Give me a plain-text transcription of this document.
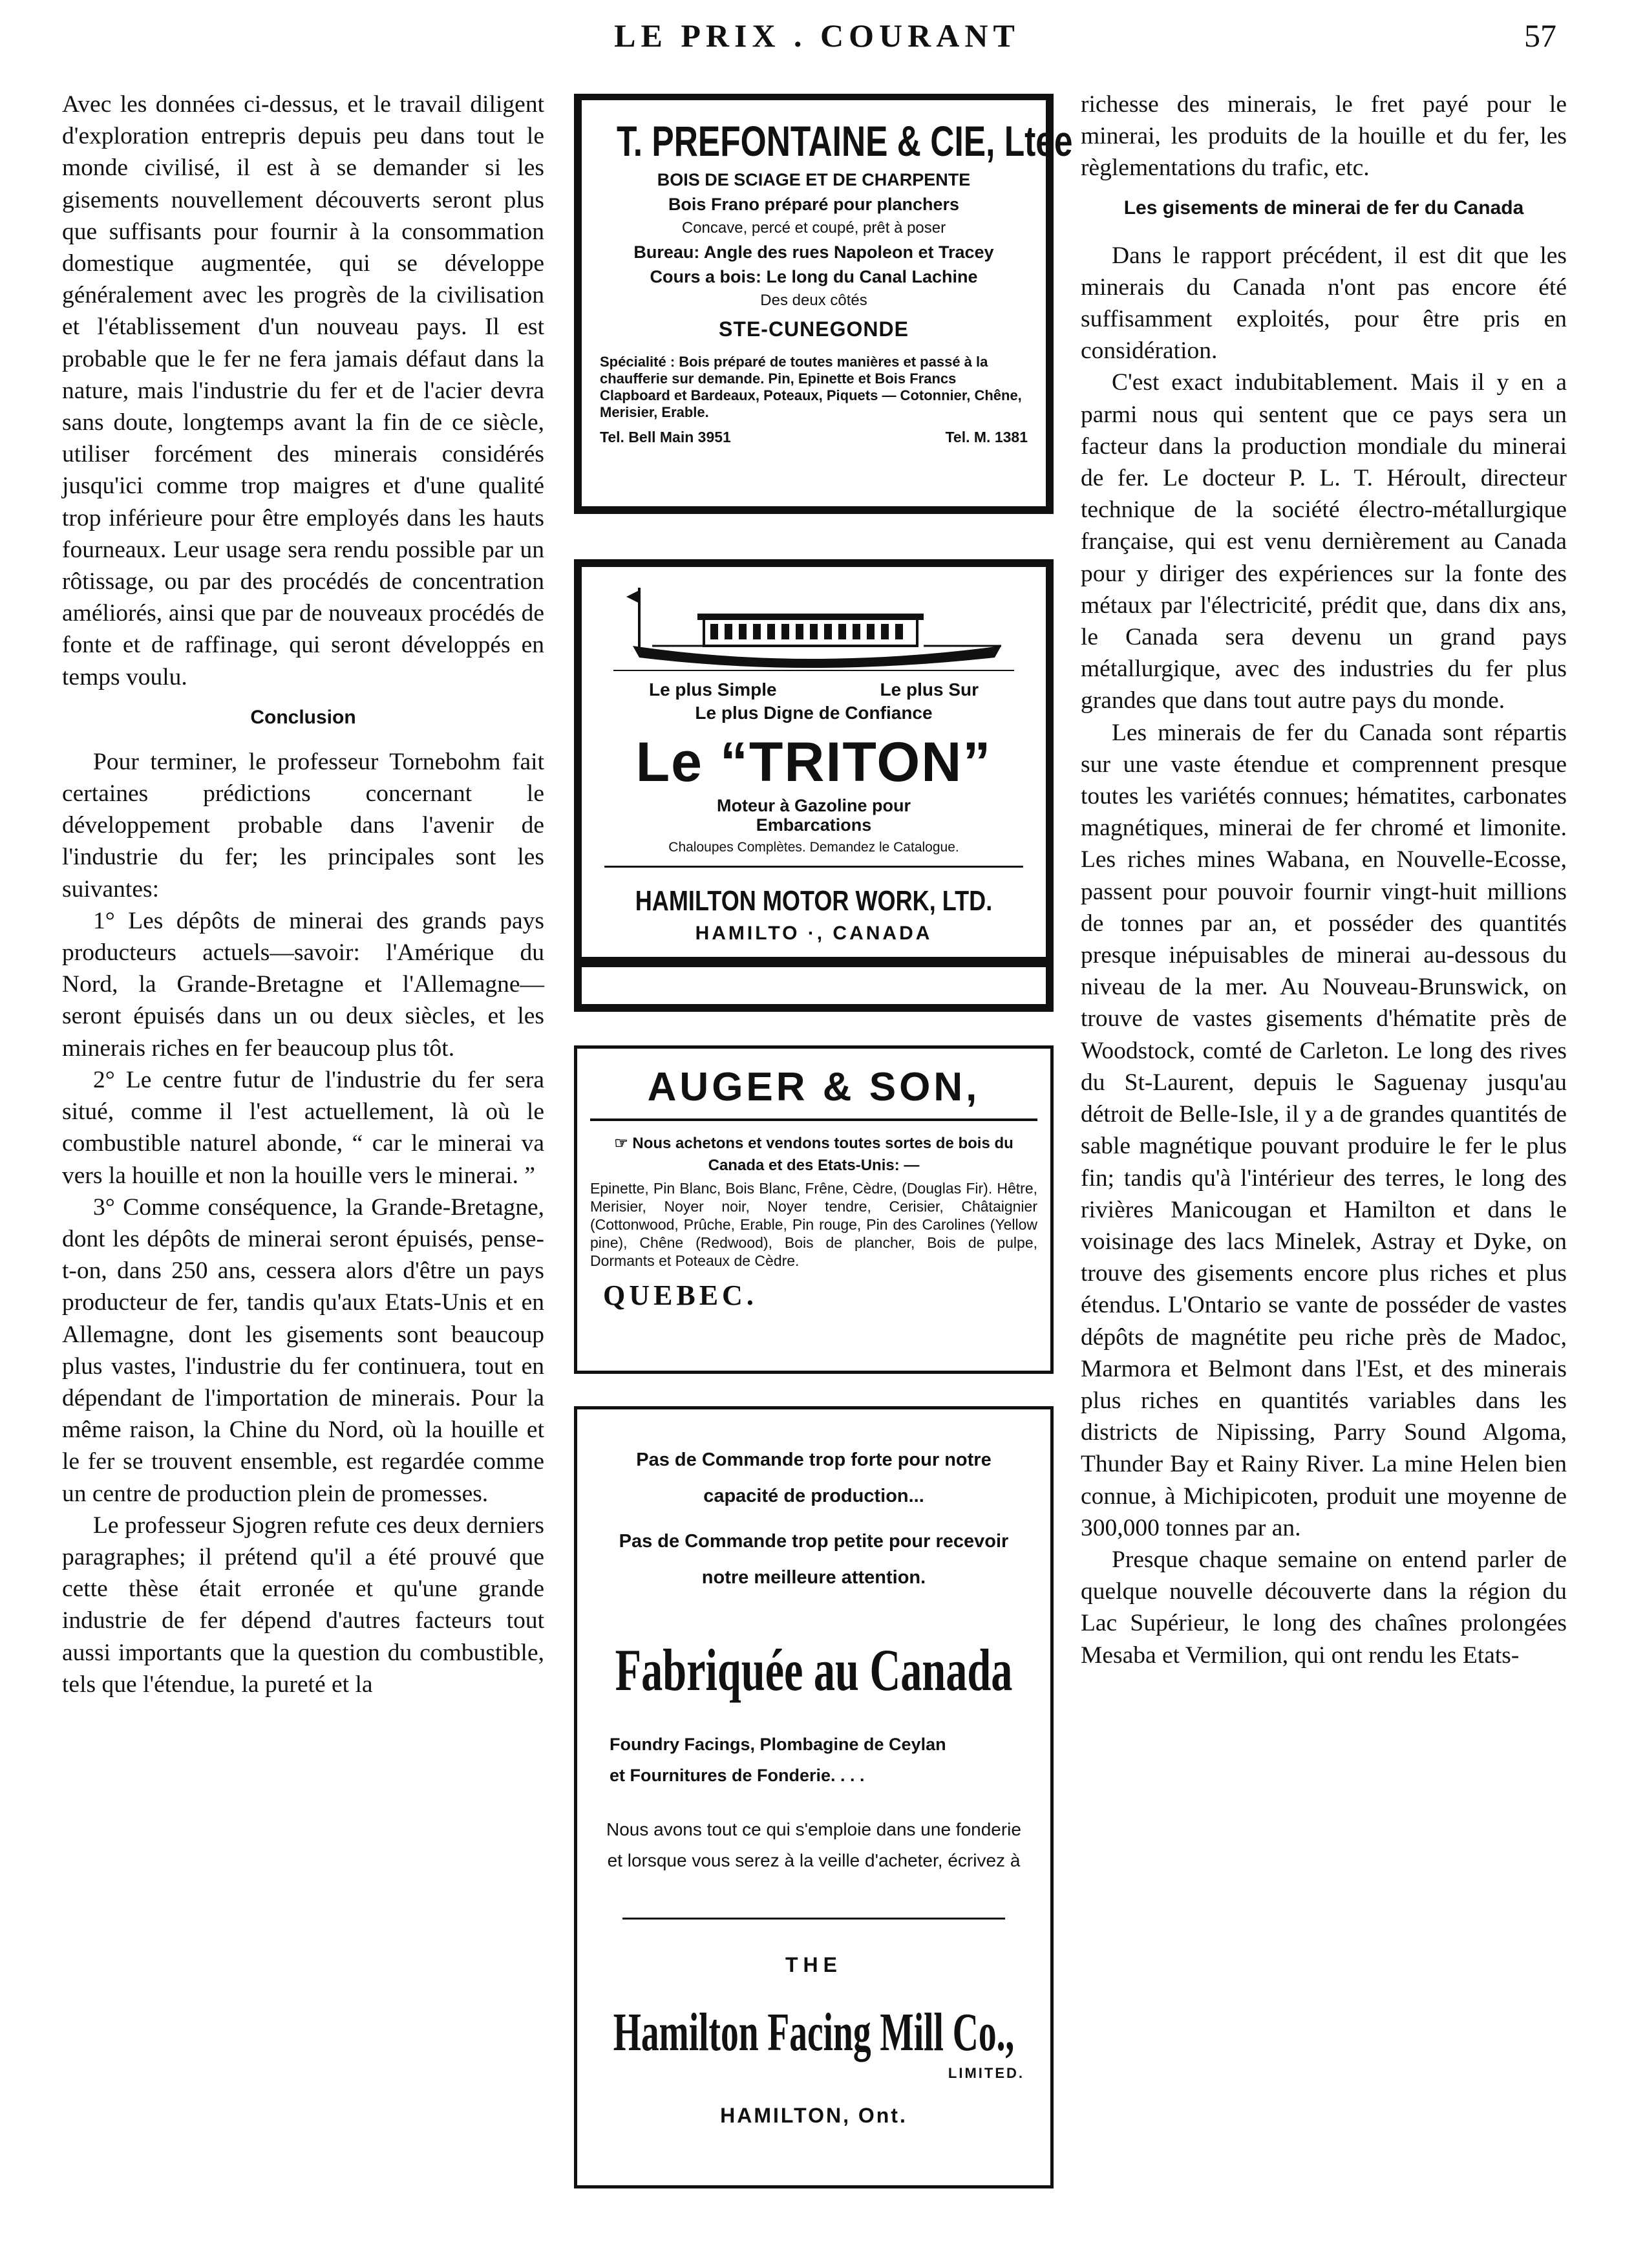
LE PRIX . COURANT	57

Avec les données ci-dessus, et le travail diligent d'exploration entrepris depuis peu dans tout le monde civilisé, il est à se demander si les gisements nouvellement découverts seront plus que suffisants pour fournir à la consommation domestique augmentée, qui se développe généralement avec les progrès de la civilisation et l'établissement d'un nouveau pays. Il est probable que le fer ne fera jamais défaut dans la nature, mais l'industrie du fer et de l'acier devra sans doute, longtemps avant la fin de ce siècle, utiliser forcément des minerais considérés jusqu'ici comme trop maigres et d'une qualité trop inférieure pour être employés dans les hauts fourneaux. Leur usage sera rendu possible par un rôtissage, ou par des procédés de concentration améliorés, ainsi que par de nouveaux procédés de fonte et de raffinage, qui seront développés en temps voulu.

Conclusion

Pour terminer, le professeur Tornebohm fait certaines prédictions concernant le développement probable dans l'avenir de l'industrie du fer; les principales sont les suivantes:

1° Les dépôts de minerai des grands pays producteurs actuels—savoir: l'Amérique du Nord, la Grande-Bretagne et l'Allemagne—seront épuisés dans un ou deux siècles, et les minerais riches en fer beaucoup plus tôt.

2° Le centre futur de l'industrie du fer sera situé, comme il l'est actuellement, là où le combustible naturel abonde, “ car le minerai va vers la houille et non la houille vers le minerai. ”

3° Comme conséquence, la Grande-Bretagne, dont les dépôts de minerai seront épuisés, pense-t-on, dans 250 ans, cessera alors d'être un pays producteur de fer, tandis qu'aux Etats-Unis et en Allemagne, dont les gisements sont beaucoup plus vastes, l'industrie du fer continuera, tout en dépendant de l'importation de minerais. Pour la même raison, la Chine du Nord, où la houille et le fer se trouvent ensemble, est regardée comme un centre de production plein de promesses.

Le professeur Sjogren refute ces deux derniers paragraphes; il prétend qu'il a été prouvé que cette thèse était erronée et qu'une grande industrie de fer dépend d'autres facteurs tout aussi importants que la question du combustible, tels que l'étendue, la pureté et la

richesse des minerais, le fret payé pour le minerai, les produits de la houille et du fer, les règlementations du trafic, etc.

Les gisements de minerai de fer du Canada

Dans le rapport précédent, il est dit que les minerais du Canada n'ont pas encore été suffisamment exploités, pour être pris en considération.

C'est exact indubitablement. Mais il y en a parmi nous qui sentent que ce pays sera un facteur dans la production mondiale du minerai de fer. Le docteur P. L. T. Héroult, directeur technique de la société électro-métallurgique française, qui est venu dernièrement au Canada pour y diriger des expériences sur la fonte des métaux par l'électricité, prédit que, dans dix ans, le Canada sera devenu un grand pays métallurgique, avec des industries du fer plus grandes que dans tout autre pays du monde.

Les minerais de fer du Canada sont répartis sur une vaste étendue et comprennent presque toutes les variétés connues; hématites, carbonates magnétiques, minerai de fer chromé et limonite. Les riches mines Wabana, en Nouvelle-Ecosse, passent pour pouvoir fournir vingt-huit millions de tonnes par an, et posséder des quantités presque inépuisables de minerai au-dessous du niveau de la mer. Au Nouveau-Brunswick, on trouve de vastes gisements d'hématite près de Woodstock, comté de Carleton. Le long des rives du St-Laurent, depuis le Saguenay jusqu'au détroit de Belle-Isle, il y a de grandes quantités de sable magnétique pouvant produire le fer le plus fin; tandis qu'à l'intérieur des terres, le long des rivières Manicougan et Hamilton et dans le voisinage des lacs Minelek, Astray et Dyke, on trouve des gisements encore plus riches et plus étendus. L'Ontario se vante de posséder de vastes dépôts de magnétite peu riche près de Madoc, Marmora et Belmont dans l'Est, et des minerais plus riches en quantités variables dans les districts de Nipissing, Parry Sound Algoma, Thunder Bay et Rainy River. La mine Helen bien connue, à Michipicoten, produit une moyenne de 300,000 tonnes par an.

Presque chaque semaine on entend parler de quelque nouvelle découverte dans la région du Lac Supérieur, le long des chaînes prolongées Mesaba et Vermilion, qui ont rendu les Etats-

T. PREFONTAINE & CIE, Ltee
BOIS DE SCIAGE ET DE CHARPENTE
Bois Frano préparé pour planchers
Concave, percé et coupé, prêt à poser
Bureau: Angle des rues Napoleon et Tracey
Cours a bois: Le long du Canal Lachine
Des deux côtés
STE-CUNEGONDE
Spécialité : Bois préparé de toutes manières et passé à la chaufferie sur demande. Pin, Epinette et Bois Francs Clapboard et Bardeaux, Poteaux, Piquets — Cotonnier, Chêne, Merisier, Erable.
Tel. Bell Main 3951	Tel. M. 1381
Le plus Simple	Le plus Sur
Le plus Digne de Confiance
Le “TRITON”
Moteur à Gazoline pour
Embarcations
Chaloupes Complètes. Demandez le Catalogue.
HAMILTON MOTOR WORK, LTD.
HAMILTO ·, CANADA
AUGER & SON,
☞ Nous achetons et vendons toutes sortes de bois du Canada et des Etats-Unis: —
Epinette, Pin Blanc, Bois Blanc, Frêne, Cèdre, (Douglas Fir). Hêtre, Merisier, Noyer noir, Noyer tendre, Cerisier, Châtaignier (Cottonwood, Prûche, Erable, Pin rouge, Pin des Carolines (Yellow pine), Chêne (Redwood), Bois de plancher, Bois de pulpe, Dormants et Poteaux de Cèdre.
QUEBEC.
Pas de Commande trop forte pour notre capacité de production...
Pas de Commande trop petite pour recevoir notre meilleure attention.
Fabriquée au Canada
Foundry Facings, Plombagine de Ceylan
et Fournitures de Fonderie. . . .
Nous avons tout ce qui s'emploie dans une fonderie et lorsque vous serez à la veille d'acheter, écrivez à
THE
Hamilton Facing Mill Co.,
LIMITED.
HAMILTON, Ont.
